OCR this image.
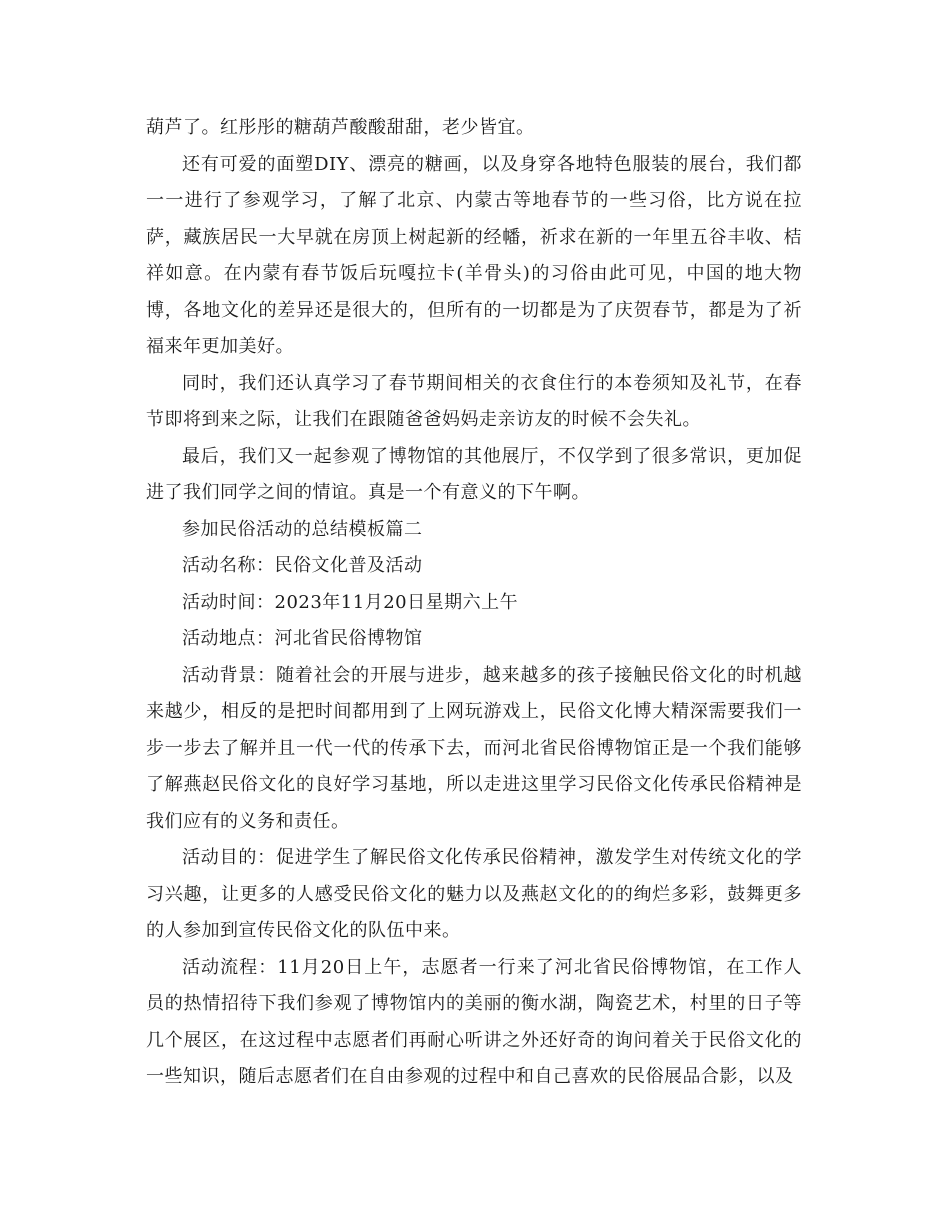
葫芦了。红彤彤的糖葫芦酸酸甜甜，老少皆宜。

还有可爱的面塑DIY、漂亮的糖画，以及身穿各地特色服装的展台，我们都一一进行了参观学习，了解了北京、内蒙古等地春节的一些习俗，比方说在拉萨，藏族居民一大早就在房顶上树起新的经幡，祈求在新的一年里五谷丰收、桔祥如意。在内蒙有春节饭后玩嘎拉卡(羊骨头)的习俗由此可见，中国的地大物博，各地文化的差异还是很大的，但所有的一切都是为了庆贺春节，都是为了祈福来年更加美好。

同时，我们还认真学习了春节期间相关的衣食住行的本卷须知及礼节，在春节即将到来之际，让我们在跟随爸爸妈妈走亲访友的时候不会失礼。

最后，我们又一起参观了博物馆的其他展厅，不仅学到了很多常识，更加促进了我们同学之间的情谊。真是一个有意义的下午啊。

参加民俗活动的总结模板篇二

活动名称：民俗文化普及活动

活动时间：2023年11月20日星期六上午

活动地点：河北省民俗博物馆

活动背景：随着社会的开展与进步，越来越多的孩子接触民俗文化的时机越来越少，相反的是把时间都用到了上网玩游戏上，民俗文化博大精深需要我们一步一步去了解并且一代一代的传承下去，而河北省民俗博物馆正是一个我们能够了解燕赵民俗文化的良好学习基地，所以走进这里学习民俗文化传承民俗精神是我们应有的义务和责任。

活动目的：促进学生了解民俗文化传承民俗精神，激发学生对传统文化的学习兴趣，让更多的人感受民俗文化的魅力以及燕赵文化的的绚烂多彩，鼓舞更多的人参加到宣传民俗文化的队伍中来。

活动流程：11月20日上午，志愿者一行来了河北省民俗博物馆，在工作人员的热情招待下我们参观了博物馆内的美丽的衡水湖，陶瓷艺术，村里的日子等几个展区，在这过程中志愿者们再耐心听讲之外还好奇的询问着关于民俗文化的一些知识，随后志愿者们在自由参观的过程中和自己喜欢的民俗展品合影，以及
